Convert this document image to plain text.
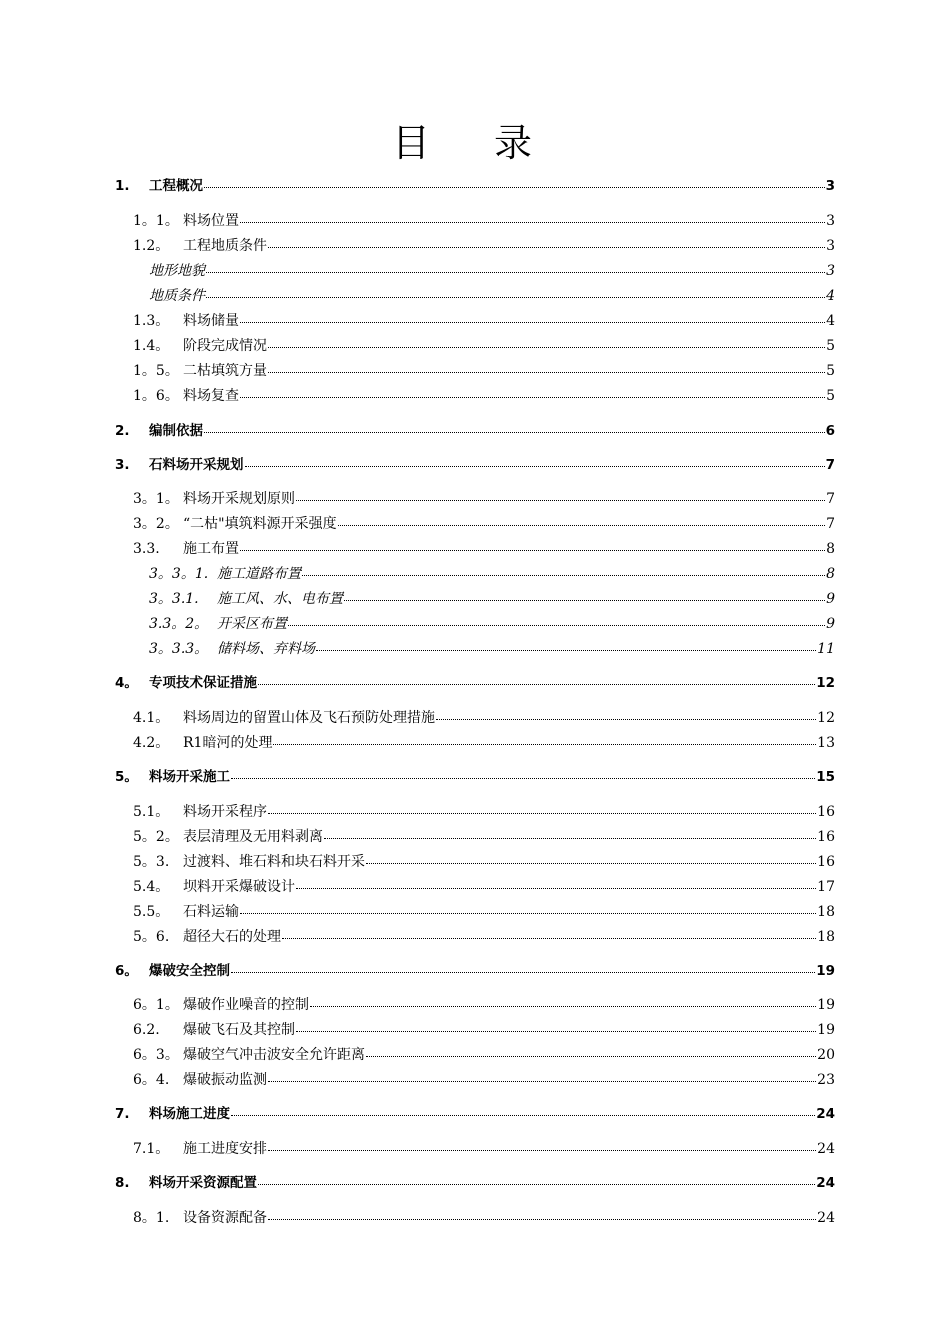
目 录
1.	工程概况	3
1。1。 料场位置	3
1.2。 工程地质条件	3
地形地貌	3
地质条件	4
1.3。 料场储量	4
1.4。 阶段完成情况	5
1。5。 二枯填筑方量	5
1。6。 料场复查	5
2.	编制依据	6
3.	石料场开采规划	7
3。1。 料场开采规划原则	7
3。2。 “二枯"填筑料源开采强度	7
3.3.	施工布置	8
3。3。1. 施工道路布置	8
3。3.1.	施工风、水、电布置	9
3.3。2。 开采区布置	9
3。3.3。 储料场、弃料场	11
4。 专项技术保证措施	12
4.1。 料场周边的留置山体及飞石预防处理措施	12
4.2。 R1暗河的处理	13
5。 料场开采施工	15
5.1。 料场开采程序	16
5。2。 表层清理及无用料剥离	16
5。3. 过渡料、堆石料和块石料开采	16
5.4。 坝料开采爆破设计	17
5.5。 石料运输	18
5。6. 超径大石的处理	18
6。 爆破安全控制	19
6。1。 爆破作业噪音的控制	19
6.2.	爆破飞石及其控制	19
6。3。 爆破空气冲击波安全允许距离	20
6。4. 爆破振动监测	23
7.	料场施工进度	24
7.1。 施工进度安排	24
8.	料场开采资源配置	24
8。1. 设备资源配备	24
